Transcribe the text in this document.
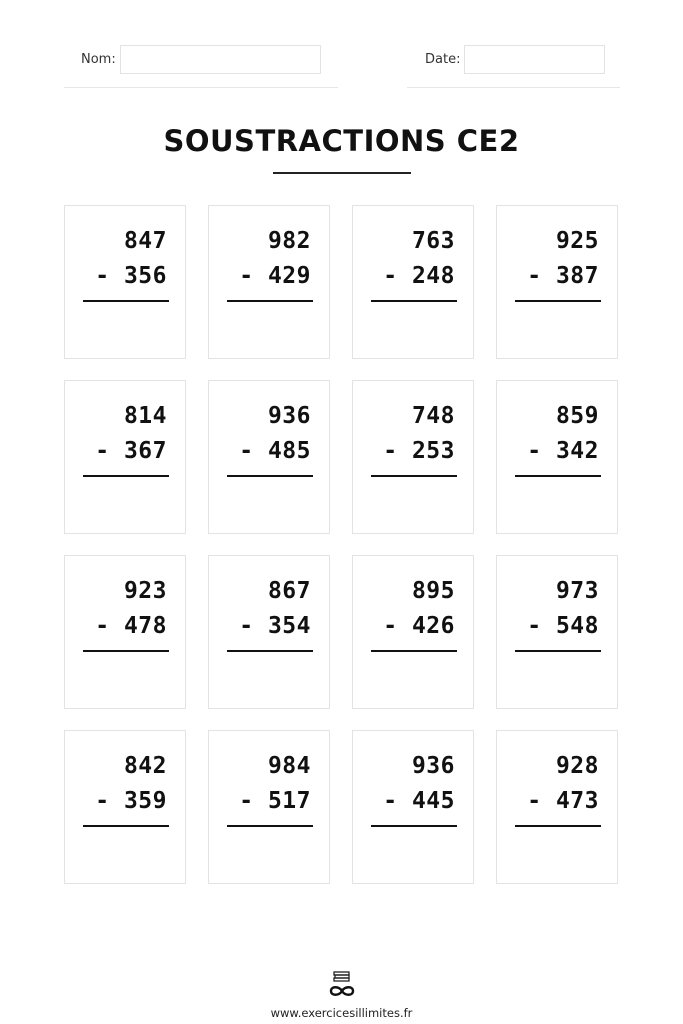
Nom:	Date:
SOUSTRACTIONS CE2
847
- 356
982
- 429
763
- 248
925
- 387
814
- 367
936
- 485
748
- 253
859
- 342
923
- 478
867
- 354
895
- 426
973
- 548
842
- 359
984
- 517
936
- 445
928
- 473
www.exercicesillimites.fr
